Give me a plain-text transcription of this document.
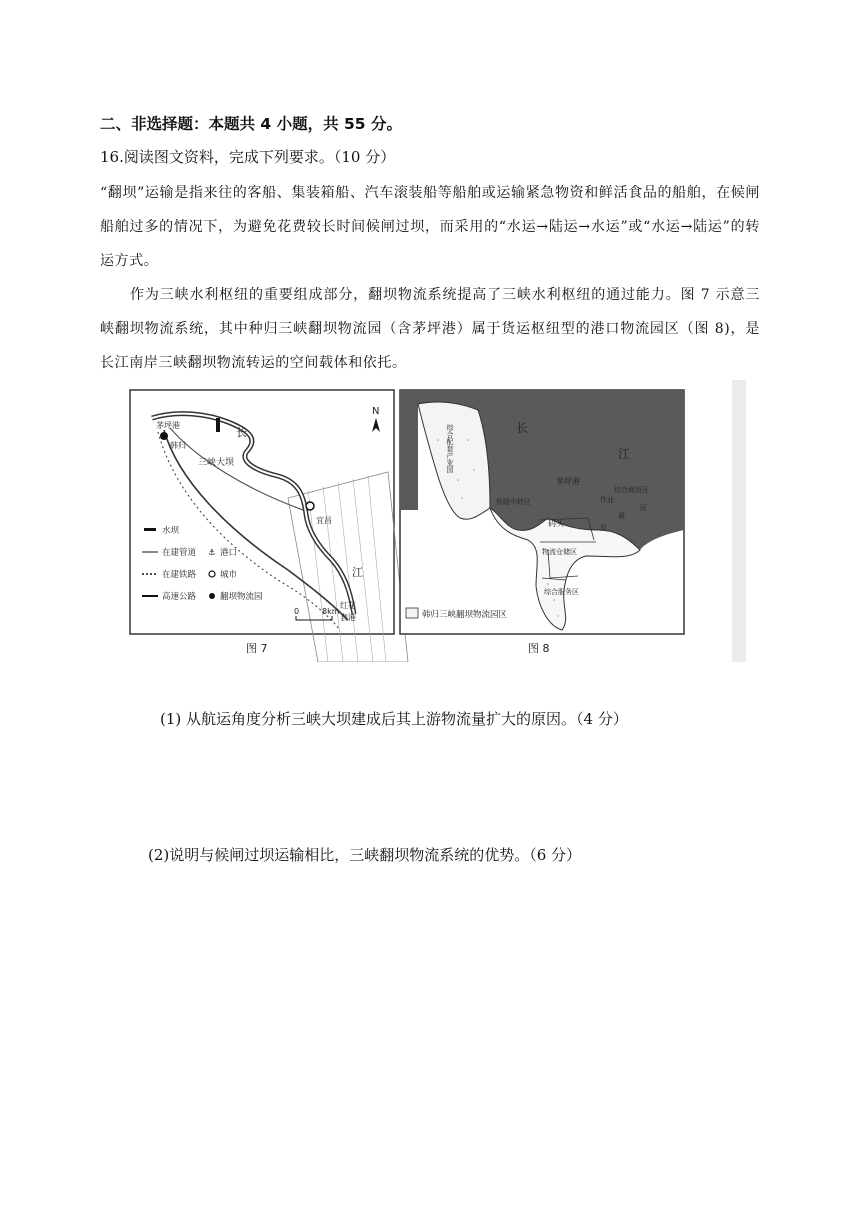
二、非选择题：本题共 4 小题，共 55 分。
16.阅读图文资料，完成下列要求。（10 分）
“翻坝”运输是指来往的客船、集装箱船、汽车滚装船等船舶或运输紧急物资和鲜活食品的船舶，在候闸船舶过多的情况下，为避免花费较长时间候闸过坝，而采用的“水运→陆运→水运”或“水运→陆运”的转运方式。
作为三峡水利枢纽的重要组成部分，翻坝物流系统提高了三峡水利枢纽的通过能力。图 7 示意三峡翻坝物流系统，其中种归三峡翻坝物流园（含茅坪港）属于货运枢纽型的港口物流园区（图 8)，是长江南岸三峡翻坝物流转运的空间载体和依托。
茅坪港
韩归
三峡大坝
长
江
宜昌
红花
套港
N
0	8km
水坝
在建管道 ⚓ 港口
在建铁路	城市
高速公路	翻坝物流园
图 7
长
江
茅坪港
综合配套产业园
铁路中转区
码头
作业
综合商贸区
物流仓储区
发
展
区
综合服务区
韩归三峡翻坝物流园区
图 8
(1) 从航运角度分析三峡大坝建成后其上游物流量扩大的原因。（4 分）
(2)说明与候闸过坝运输相比，三峡翻坝物流系统的优势。（6 分）
